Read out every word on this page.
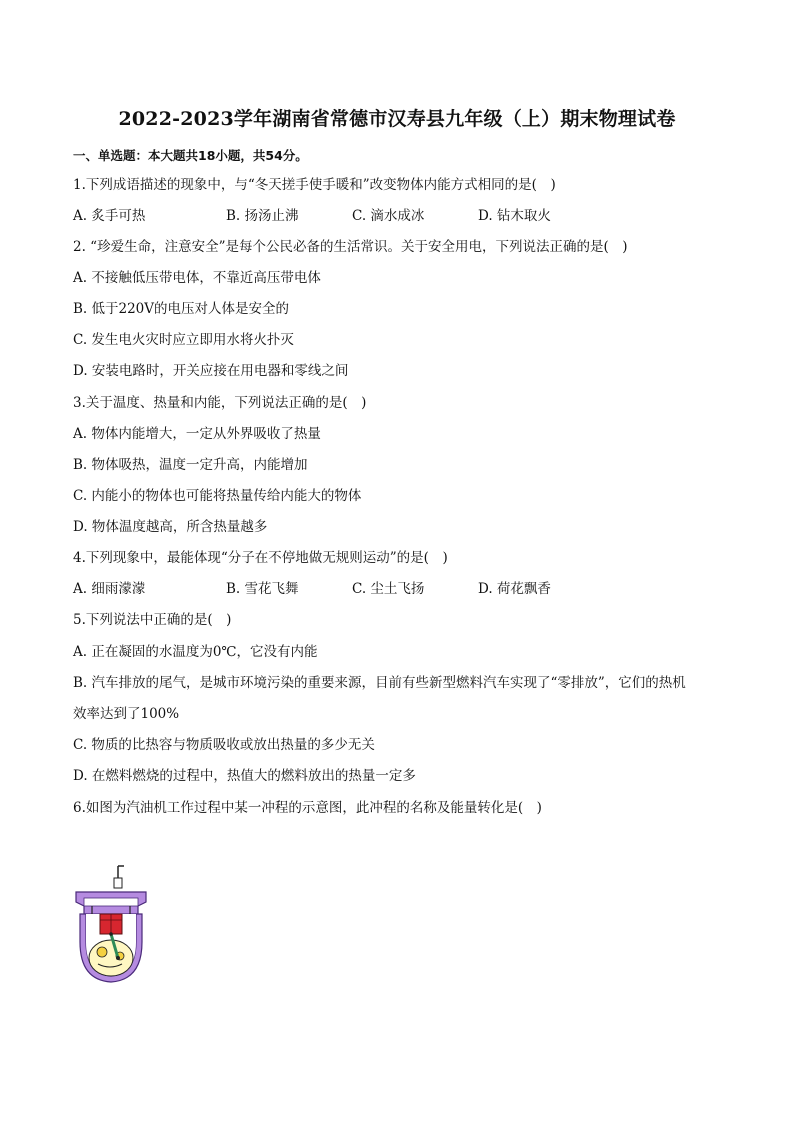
2022-2023学年湖南省常德市汉寿县九年级（上）期末物理试卷
一、单选题：本大题共18小题，共54分。
1.下列成语描述的现象中，与“冬天搓手使手暖和”改变物体内能方式相同的是(　)
A. 炙手可热	B. 扬汤止沸	C. 滴水成冰	D. 钻木取火
2. “珍爱生命，注意安全”是每个公民必备的生活常识。关于安全用电，下列说法正确的是(　)
A. 不接触低压带电体，不靠近高压带电体
B. 低于220V的电压对人体是安全的
C. 发生电火灾时应立即用水将火扑灭
D. 安装电路时，开关应接在用电器和零线之间
3.关于温度、热量和内能，下列说法正确的是(　)
A. 物体内能增大，一定从外界吸收了热量
B. 物体吸热，温度一定升高，内能增加
C. 内能小的物体也可能将热量传给内能大的物体
D. 物体温度越高，所含热量越多
4.下列现象中，最能体现“分子在不停地做无规则运动”的是(　)
A. 细雨濛濛	B. 雪花飞舞	C. 尘土飞扬	D. 荷花飘香
5.下列说法中正确的是(　)
A. 正在凝固的水温度为0℃，它没有内能
B. 汽车排放的尾气，是城市环境污染的重要来源，目前有些新型燃料汽车实现了“零排放”，它们的热机
效率达到了100%
C. 物质的比热容与物质吸收或放出热量的多少无关
D. 在燃料燃烧的过程中，热值大的燃料放出的热量一定多
6.如图为汽油机工作过程中某一冲程的示意图，此冲程的名称及能量转化是(　)
